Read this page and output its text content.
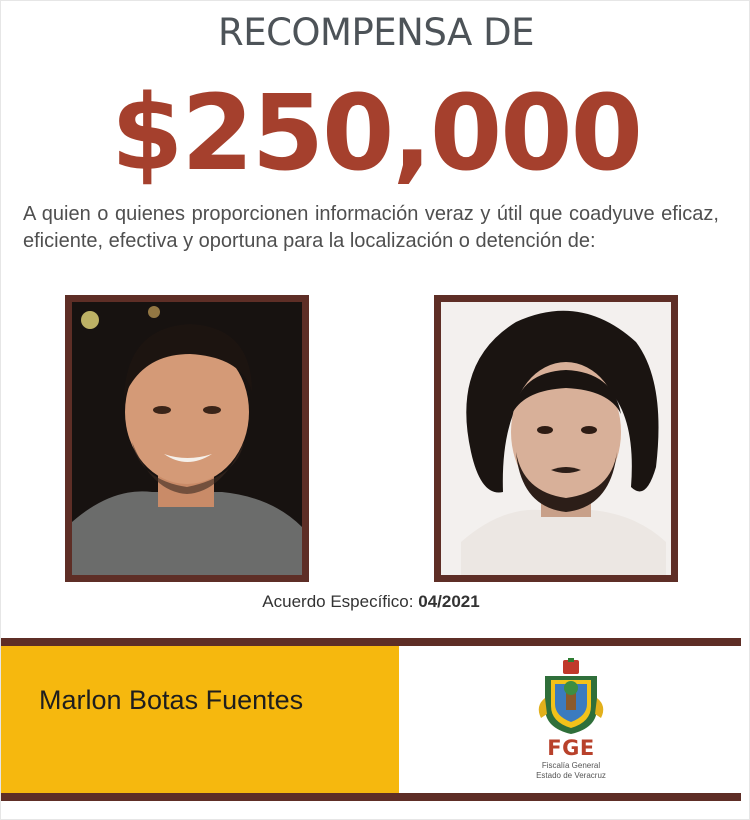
RECOMPENSA DE
$250,000
A quien o quienes proporcionen información veraz y útil que coadyuve eficaz, eficiente, efectiva y oportuna para la localización o detención de:
Acuerdo Específico: 04/2021
Marlon Botas Fuentes
FGE
Fiscalía General
Estado de Veracruz
